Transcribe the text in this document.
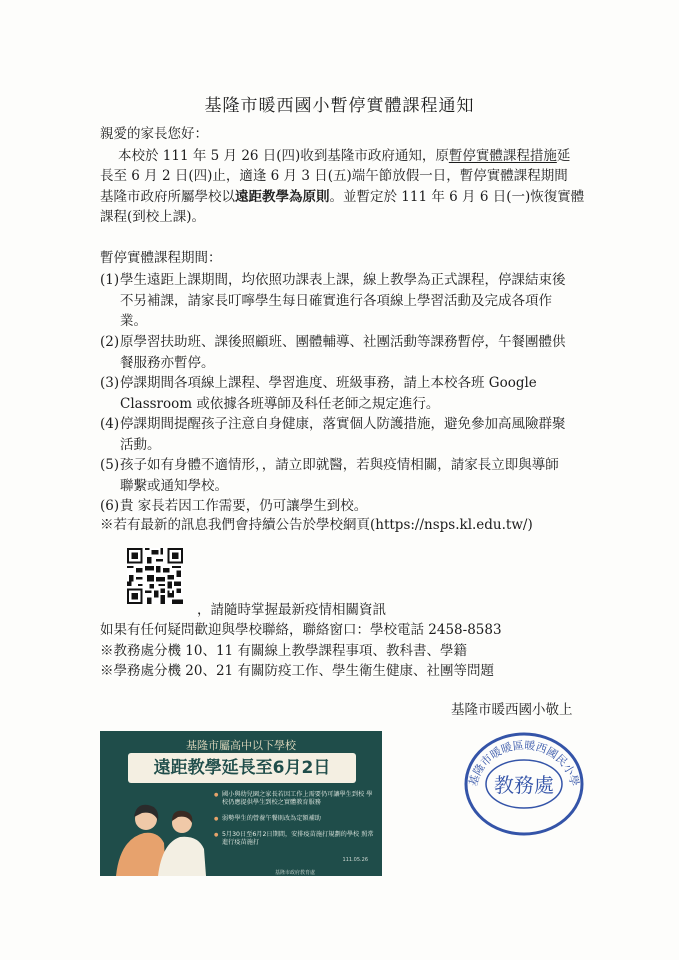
基隆市暖西國小暫停實體課程通知
親愛的家長您好：

本校於 111 年 5 月 26 日(四)收到基隆市政府通知，原暫停實體課程措施延

長至 6 月 2 日(四)止，適逢 6 月 3 日(五)端午節放假一日，暫停實體課程期間

基隆市政府所屬學校以遠距教學為原則。並暫定於 111 年 6 月 6 日(一)恢復實體

課程(到校上課)。

暫停實體課程期間：
(1)學生遠距上課期間，均依照功課表上課，線上教學為正式課程，停課結束後
不另補課，請家長叮嚀學生每日確實進行各項線上學習活動及完成各項作
業。
(2)原學習扶助班、課後照顧班、團體輔導、社團活動等課務暫停，午餐團體供
餐服務亦暫停。
(3)停課期間各項線上課程、學習進度、班級事務，請上本校各班 Google
Classroom 或依據各班導師及科任老師之規定進行。
(4)停課期間提醒孩子注意自身健康，落實個人防護措施，避免參加高風險群聚
活動。
(5)孩子如有身體不適情形，，請立即就醫，若與疫情相關，請家長立即與導師
聯繫或通知學校。
(6)貴 家長若因工作需要，仍可讓學生到校。
※若有最新的訊息我們會持續公告於學校網頁(https://nsps.kl.edu.tw/)
，請隨時掌握最新疫情相關資訊
如果有任何疑問歡迎與學校聯絡，聯絡窗口：學校電話 2458-8583
※教務處分機 10、11 有關線上教學課程事項、教科書、學籍
※學務處分機 20、21 有關防疫工作、學生衛生健康、社團等問題
基隆市暖西國小敬上
基隆市屬高中以下學校
遠距教學延長至6月2日
● 國小與幼兒園之家長若因工作上需要仍可讓學生到校 學校仍應提供學生到校之實體教育服務
● 弱勢學生的營養午餐則改為定額補助
● 5月30日至6月2日期間，安排疫苗施打規劃的學校 照常進行疫苗施打
111.05.26
基隆市政府教育處
基隆市暖暖區暖西國民小學
教務處
